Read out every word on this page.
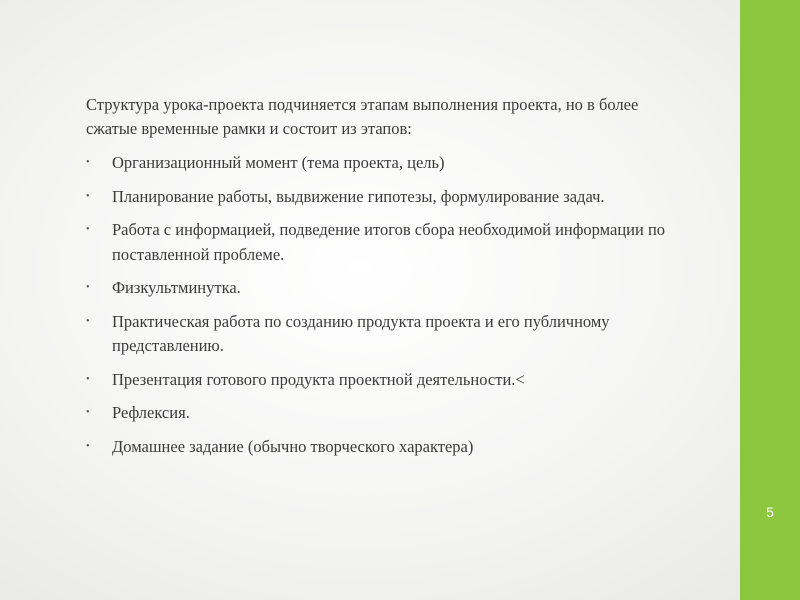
5

Структура урока-проекта подчиняется этапам выполнения проекта, но в более сжатые временные рамки и состоит из этапов:

• Организационный момент (тема проекта, цель)
• Планирование работы, выдвижение гипотезы, формулирование задач.
• Работа с информацией, подведение итогов сбора необходимой информации по поставленной проблеме.
• Физкультминутка.
• Практическая работа по созданию продукта проекта и его публичному представлению.
• Презентация готового продукта проектной деятельности.<
• Рефлексия.
• Домашнее задание (обычно творческого характера)
